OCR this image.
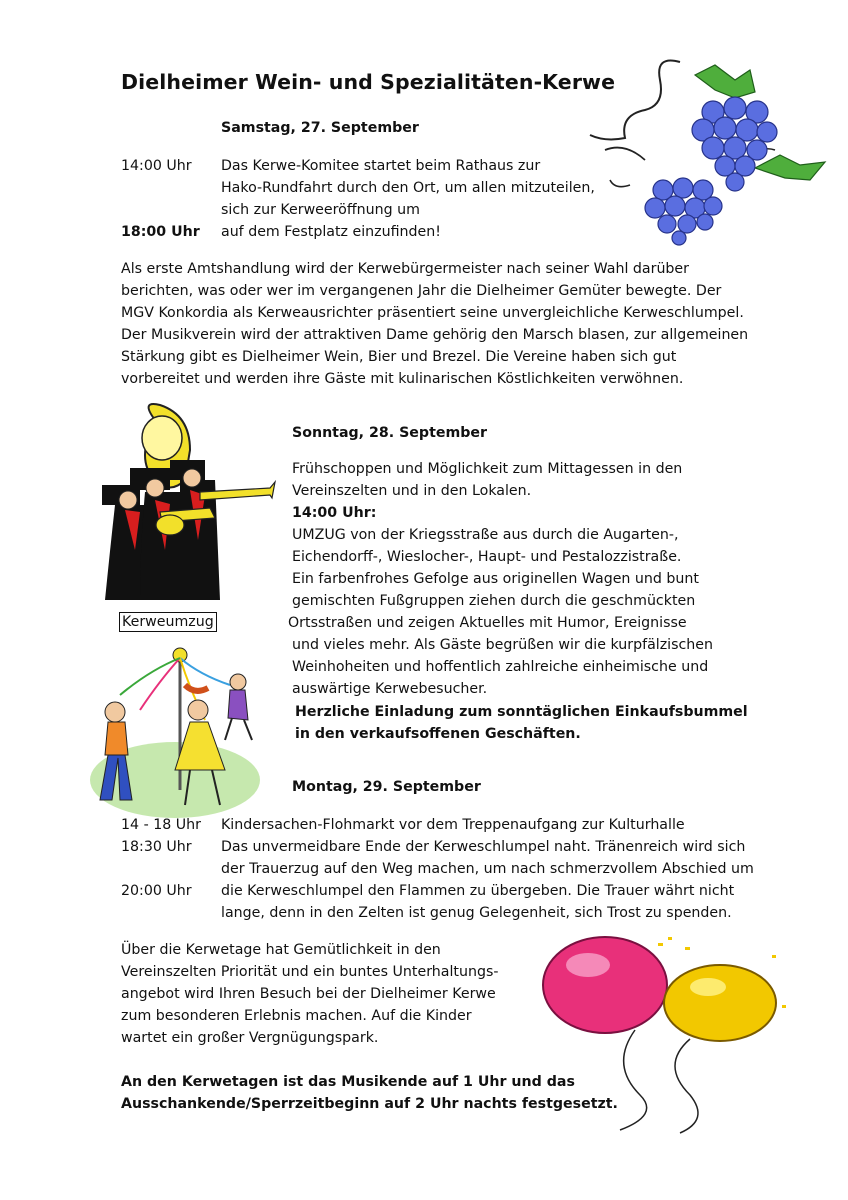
Dielheimer Wein- und Spezialitäten-Kerwe
Samstag, 27. September
14:00 Uhr Das Kerwe-Komitee startet beim Rathaus zur
Hako-Rundfahrt durch den Ort, um allen mitzuteilen,
sich zur Kerweeröffnung um
18:00 Uhr auf dem Festplatz einzufinden!
Als erste Amtshandlung wird der Kerwebürgermeister nach seiner Wahl darüber
berichten, was oder wer im vergangenen Jahr die Dielheimer Gemüter bewegte. Der
MGV Konkordia als Kerweausrichter präsentiert seine unvergleichliche Kerweschlumpel.
Der Musikverein wird der attraktiven Dame gehörig den Marsch blasen, zur allgemeinen
Stärkung gibt es Dielheimer Wein, Bier und Brezel. Die Vereine haben sich gut
vorbereitet und werden ihre Gäste mit kulinarischen Köstlichkeiten verwöhnen.
Kerweumzug
Sonntag, 28. September
Frühschoppen und Möglichkeit zum Mittagessen in den
Vereinszelten und in den Lokalen.
14:00 Uhr:
UMZUG von der Kriegsstraße aus durch die Augarten-,
Eichendorff-, Wieslocher-, Haupt- und Pestalozzistraße.
Ein farbenfrohes Gefolge aus originellen Wagen und bunt
gemischten Fußgruppen ziehen durch die geschmückten
Ortsstraßen und zeigen Aktuelles mit Humor, Ereignisse
und vieles mehr. Als Gäste begrüßen wir die kurpfälzischen
Weinhoheiten und hoffentlich zahlreiche einheimische und
auswärtige Kerwebesucher.
Herzliche Einladung zum sonntäglichen Einkaufsbummel
in den verkaufsoffenen Geschäften.
Montag, 29. September
14 - 18 Uhr Kindersachen-Flohmarkt vor dem Treppenaufgang zur Kulturhalle
18:30 Uhr Das unvermeidbare Ende der Kerweschlumpel naht. Tränenreich wird sich
der Trauerzug auf den Weg machen, um nach schmerzvollem Abschied um
20:00 Uhr die Kerweschlumpel den Flammen zu übergeben. Die Trauer währt nicht
lange, denn in den Zelten ist genug Gelegenheit, sich Trost zu spenden.
Über die Kerwetage hat Gemütlichkeit in den
Vereinszelten Priorität und ein buntes Unterhaltungs-
angebot wird Ihren Besuch bei der Dielheimer Kerwe
zum besonderen Erlebnis machen. Auf die Kinder
wartet ein großer Vergnügungspark.
An den Kerwetagen ist das Musikende auf 1 Uhr und das
Ausschankende/Sperrzeitbeginn auf 2 Uhr nachts festgesetzt.
